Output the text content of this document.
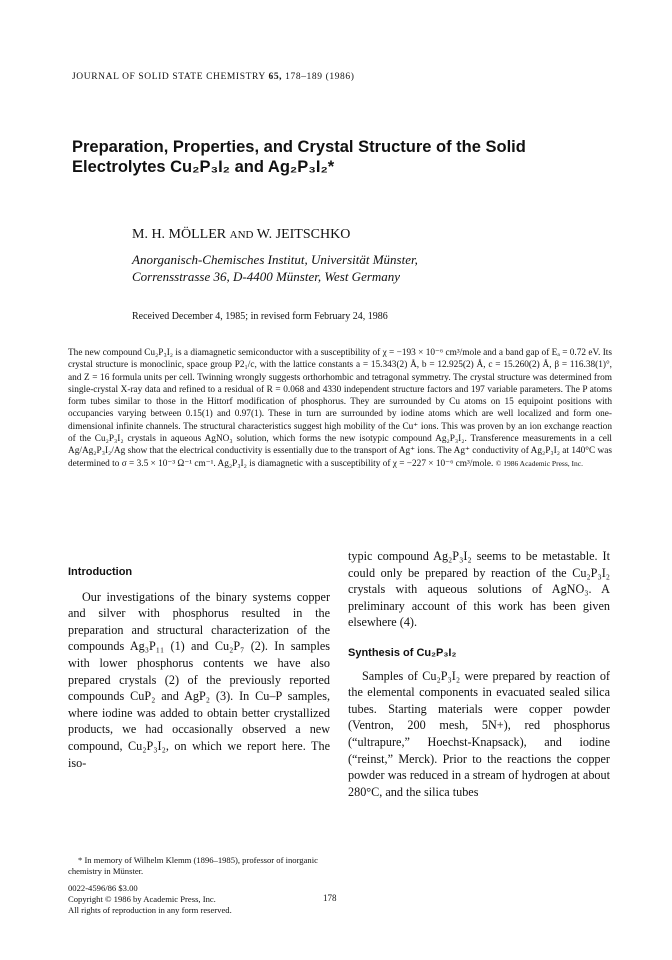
JOURNAL OF SOLID STATE CHEMISTRY 65, 178–189 (1986)
Preparation, Properties, and Crystal Structure of the Solid
Electrolytes Cu₂P₃I₂ and Ag₂P₃I₂*
M. H. MÖLLER AND W. JEITSCHKO
Anorganisch-Chemisches Institut, Universität Münster,
Corrensstrasse 36, D-4400 Münster, West Germany
Received December 4, 1985; in revised form February 24, 1986

The new compound Cu₂P₃I₂ is a diamagnetic semiconductor with a susceptibility of χ = −193 × 10⁻⁶ cm³/mole and a band gap of Eₐ = 0.72 eV. Its crystal structure is monoclinic, space group P2₁/c, with the lattice constants a = 15.343(2) Å, b = 12.925(2) Å, c = 15.260(2) Å, β = 116.38(1)°, and Z = 16 formula units per cell. Twinning wrongly suggests orthorhombic and tetragonal symmetry. The crystal structure was determined from single-crystal X-ray data and refined to a residual of R = 0.068 and 4330 independent structure factors and 197 variable parameters. The P atoms form tubes similar to those in the Hittorf modification of phosphorus. They are surrounded by Cu atoms on 15 equipoint positions with occupancies varying between 0.15(1) and 0.97(1). These in turn are surrounded by iodine atoms which are well localized and form one-dimensional infinite channels. The structural characteristics suggest high mobility of the Cu⁺ ions. This was proven by an ion exchange reaction of the Cu₂P₃I₂ crystals in aqueous AgNO₃ solution, which forms the new isotypic compound Ag₂P₃I₂. Transference measurements in a cell Ag/Ag₂P₃I₂/Ag show that the electrical conductivity is essentially due to the transport of Ag⁺ ions. The Ag⁺ conductivity of Ag₂P₃I₂ at 140°C was determined to σ = 3.5 × 10⁻³ Ω⁻¹ cm⁻¹. Ag₂P₃I₂ is diamagnetic with a susceptibility of χ = −227 × 10⁻⁶ cm³/mole. © 1986 Academic Press, Inc.

Introduction

Our investigations of the binary systems copper and silver with phosphorus resulted in the preparation and structural characterization of the compounds Ag₃P₁₁ (1) and Cu₂P₇ (2). In samples with lower phosphorus contents we have also prepared crystals (2) of the previously reported compounds CuP₂ and AgP₂ (3). In Cu–P samples, where iodine was added to obtain better crystallized products, we had occasionally observed a new compound, Cu₂P₃I₂, on which we report here. The iso-

typic compound Ag₂P₃I₂ seems to be metastable. It could only be prepared by reaction of the Cu₂P₃I₂ crystals with aqueous solutions of AgNO₃. A preliminary account of this work has been given elsewhere (4).

Synthesis of Cu₂P₃I₂

Samples of Cu₂P₃I₂ were prepared by reaction of the elemental components in evacuated sealed silica tubes. Starting materials were copper powder (Ventron, 200 mesh, 5N+), red phosphorus (“ultrapure,” Hoechst-Knapsack), and iodine (“reinst,” Merck). Prior to the reactions the copper powder was reduced in a stream of hydrogen at about 280°C, and the silica tubes

* In memory of Wilhelm Klemm (1896–1985), professor of inorganic chemistry in Münster.

0022-4596/86 $3.00

Copyright © 1986 by Academic Press, Inc.

All rights of reproduction in any form reserved.

178
